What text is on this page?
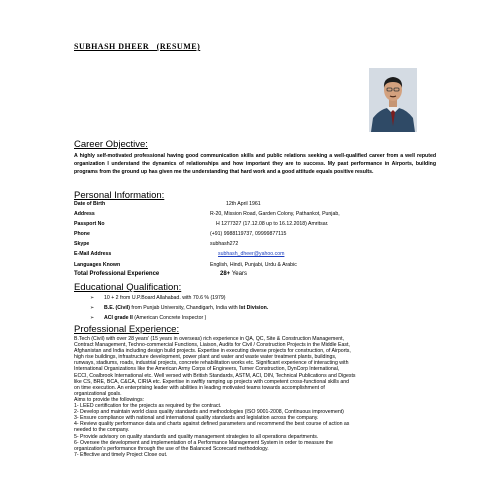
SUBHASH DHEER   (RESUME)
Career Objective:
A highly self-motivated professional having good communication skills and public relations seeking a well-qualified career from a well reputed organization I understand the dynamics of relationships and how important they are to success. My past performance in Airports, building programs from the ground up has given me the understanding that hard work and a good attitude equals positive results.
Personal Information:
Date of Birth	12th April 1961
Address	R-20, Mission Road, Garden Colony, Pathankot, Punjab,
Passport No	H 1277327 (17.12.08 up to 16.12.2018) Amritsar.
Phone	(+91) 9988119737, 09999877115
Skype	subhash272
E-Mail Address	subhash_dheer@yahoo.com
Languages Known	English, Hindi, Punjabi, Urdu & Arabic
Total Professional Experience	28+ Years
Educational Qualification:
➢ 10 + 2 from U.P.Board Allahabad. with 70.6 % (1979)
➢ B.E. (Civil) from Punjab University, Chandigarh, India with Ist Division.
➢ ACI grade II (American Concrete Inspector )
Professional Experience:
B.Tech (Civil) with over 28 years' (15 years in overseas) rich experience in QA, QC, Site & Construction Management,
Contract Management, Techno-commercial Functions, Liaison, Audits for Civil / Construction Projects in the Middle East,
Afghanistan and India including design build projects. Expertise in executing diverse projects for construction, of Airports,
high rise buildings, infrastructure development, power plant and water and waste water treatment plants, buildings,
runways, stadiums, roads, industrial projects, concrete rehabilitation works etc. Significant experience of interacting with
International Organizations like the American Army Corps of Engineers, Turner Construction, DynCorp International,
ECCI, Coalbrook International etc. Well versed with British Standards, ASTM, ACI, DIN, Technical Publications and Digests
like CS, BRE, BCA, C&CA, CIRIA etc. Expertise in swiftly ramping up projects with competent cross-functional skills and
on time execution. An enterprising leader with abilities in leading motivated teams towards accomplishment of
organizational goals.
Aims to provide the followings:
1- LEED certification for the projects as required by the contract.
2- Develop and maintain world class quality standards and methodologies (ISO 9001-2008, Continuous improvement)
3- Ensure compliance with national and international quality standards and legislation across the company.
4- Review quality performance data and charts against defined parameters and recommend the best course of action as
needed to the company.
5- Provide advisory on quality standards and quality management strategies to all operations departments.
6- Oversee the development and implementation of a Performance Management System in order to measure the
organization's performance through the use of the Balanced Scorecard methodology.
7- Effective and timely Project Close out.
